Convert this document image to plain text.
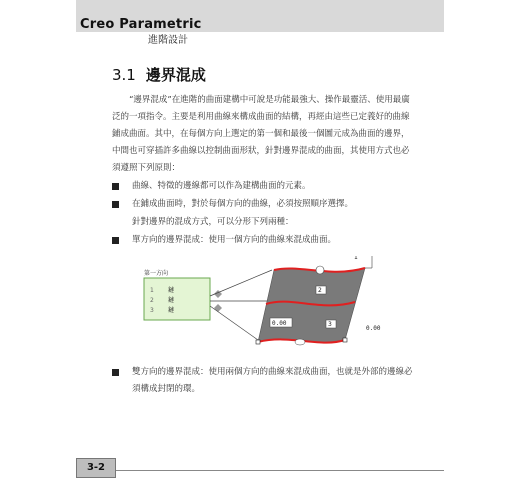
Creo Parametric
進階設計
3.1 邊界混成
“邊界混成”在進階的曲面建構中可說是功能最強大、操作最靈活、使用最廣泛的一項指令。主要是利用曲線來構成曲面的結構，再經由這些已定義好的曲線鋪成曲面。其中，在每個方向上選定的第一個和最後一個圖元成為曲面的邊界，中間也可穿插許多曲線以控制曲面形狀，針對邊界混成的曲面，其使用方式也必須遵照下列原則：
曲線、特徵的邊線都可以作為建構曲面的元素。
在鋪成曲面時，對於每個方向的曲線，必須按照順序選擇。
針對邊界的混成方式，可以分形下列兩種：
單方向的邊界混成：使用一個方向的曲線來混成曲面。
第一方向
1 鏈
2 鏈
3 鏈
1
2
3
0.00
0.00
雙方向的邊界混成：使用兩個方向的曲線來混成曲面，也就是外部的邊線必須構成封閉的環。
3-2
